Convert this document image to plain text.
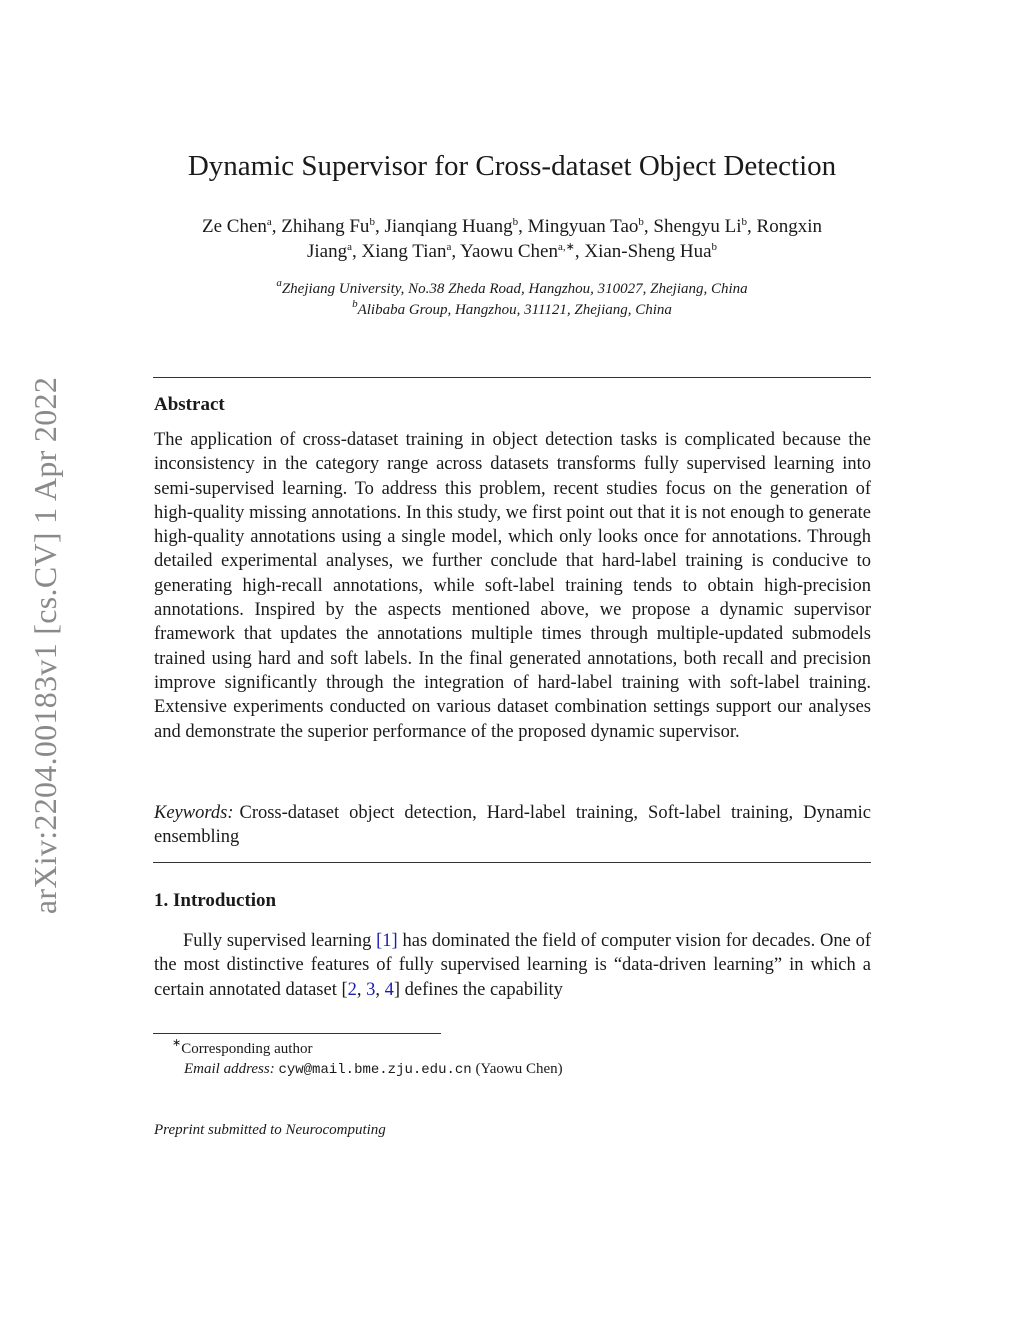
arXiv:2204.00183v1 [cs.CV] 1 Apr 2022
Dynamic Supervisor for Cross-dataset Object Detection
Ze Chen$^a$, Zhihang Fu$^b$, Jianqiang Huang$^b$, Mingyuan Tao$^b$, Shengyu Li$^b$, Rongxin
Jiang$^a$, Xiang Tian$^a$, Yaowu Chen$^{a,∗}$, Xian-Sheng Hua$^b$
$^a$Zhejiang University, No.38 Zheda Road, Hangzhou, 310027, Zhejiang, China
$^b$Alibaba Group, Hangzhou, 311121, Zhejiang, China
Abstract
The application of cross-dataset training in object detection tasks is complicated because the inconsistency in the category range across datasets transforms fully supervised learning into semi-supervised learning. To address this problem, recent studies focus on the generation of high-quality missing annotations. In this study, we first point out that it is not enough to generate high-quality annotations using a single model, which only looks once for annotations. Through detailed experimental analyses, we further conclude that hard-label training is conducive to generating high-recall annotations, while soft-label training tends to obtain high-precision annotations. Inspired by the aspects mentioned above, we propose a dynamic supervisor framework that updates the annotations multiple times through multiple-updated submodels trained using hard and soft labels. In the final generated annotations, both recall and precision improve significantly through the integration of hard-label training with soft-label training. Extensive experiments conducted on various dataset combination settings support our analyses and demonstrate the superior performance of the proposed dynamic supervisor.
Keywords: Cross-dataset object detection, Hard-label training, Soft-label training, Dynamic ensembling
1. Introduction
Fully supervised learning [1] has dominated the field of computer vision for decades. One of the most distinctive features of fully supervised learning is “data-driven learning” in which a certain annotated dataset [2, 3, 4] defines the capability
∗Corresponding author
Email address: cyw@mail.bme.zju.edu.cn (Yaowu Chen)
Preprint submitted to Neurocomputing
